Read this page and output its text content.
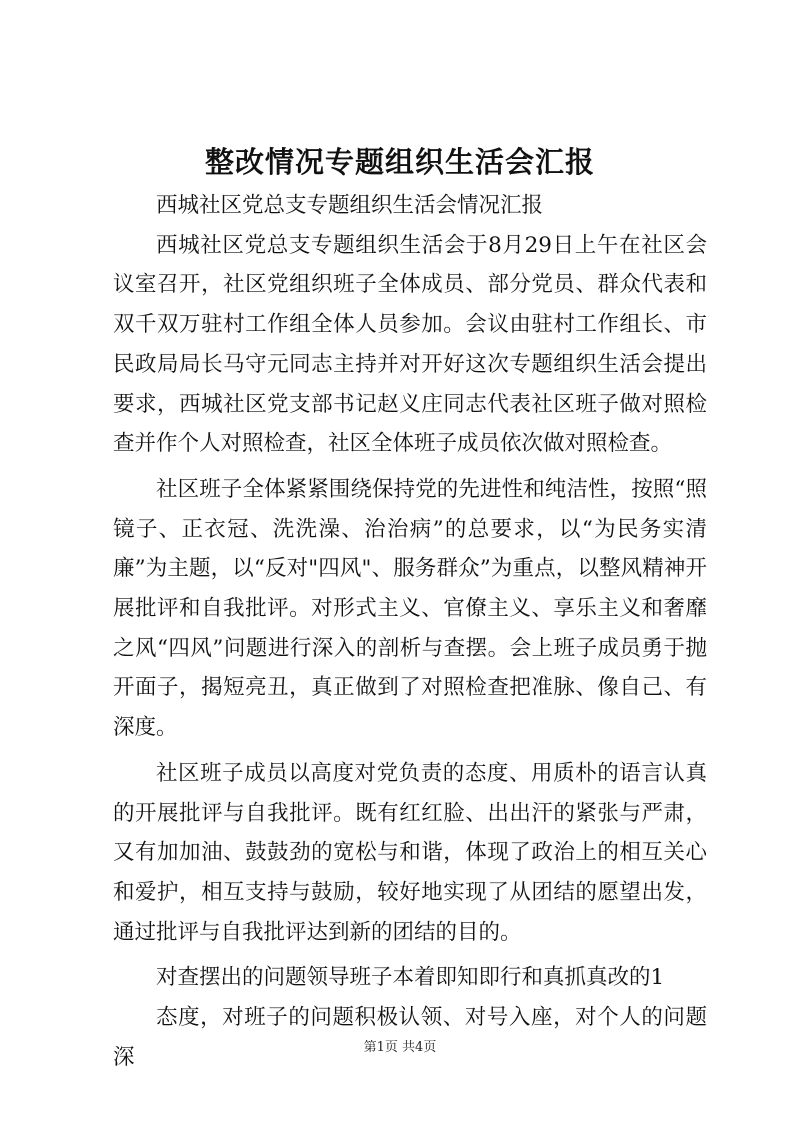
整改情况专题组织生活会汇报

西城社区党总支专题组织生活会情况汇报

西城社区党总支专题组织生活会于8月29日上午在社区会议室召开，社区党组织班子全体成员、部分党员、群众代表和双千双万驻村工作组全体人员参加。会议由驻村工作组长、市民政局局长马守元同志主持并对开好这次专题组织生活会提出要求，西城社区党支部书记赵义庄同志代表社区班子做对照检查并作个人对照检查，社区全体班子成员依次做对照检查。

社区班子全体紧紧围绕保持党的先进性和纯洁性，按照“照镜子、正衣冠、洗洗澡、治治病”的总要求，以“为民务实清廉”为主题，以“反对"四风"、服务群众”为重点，以整风精神开展批评和自我批评。对形式主义、官僚主义、享乐主义和奢靡之风“四风”问题进行深入的剖析与查摆。会上班子成员勇于抛开面子，揭短亮丑，真正做到了对照检查把准脉、像自己、有深度。

社区班子成员以高度对党负责的态度、用质朴的语言认真的开展批评与自我批评。既有红红脸、出出汗的紧张与严肃，又有加加油、鼓鼓劲的宽松与和谐，体现了政治上的相互关心和爱护，相互支持与鼓励，较好地实现了从团结的愿望出发，通过批评与自我批评达到新的团结的目的。

对查摆出的问题领导班子本着即知即行和真抓真改的1

态度，对班子的问题积极认领、对号入座，对个人的问题深	第1页 共4页
